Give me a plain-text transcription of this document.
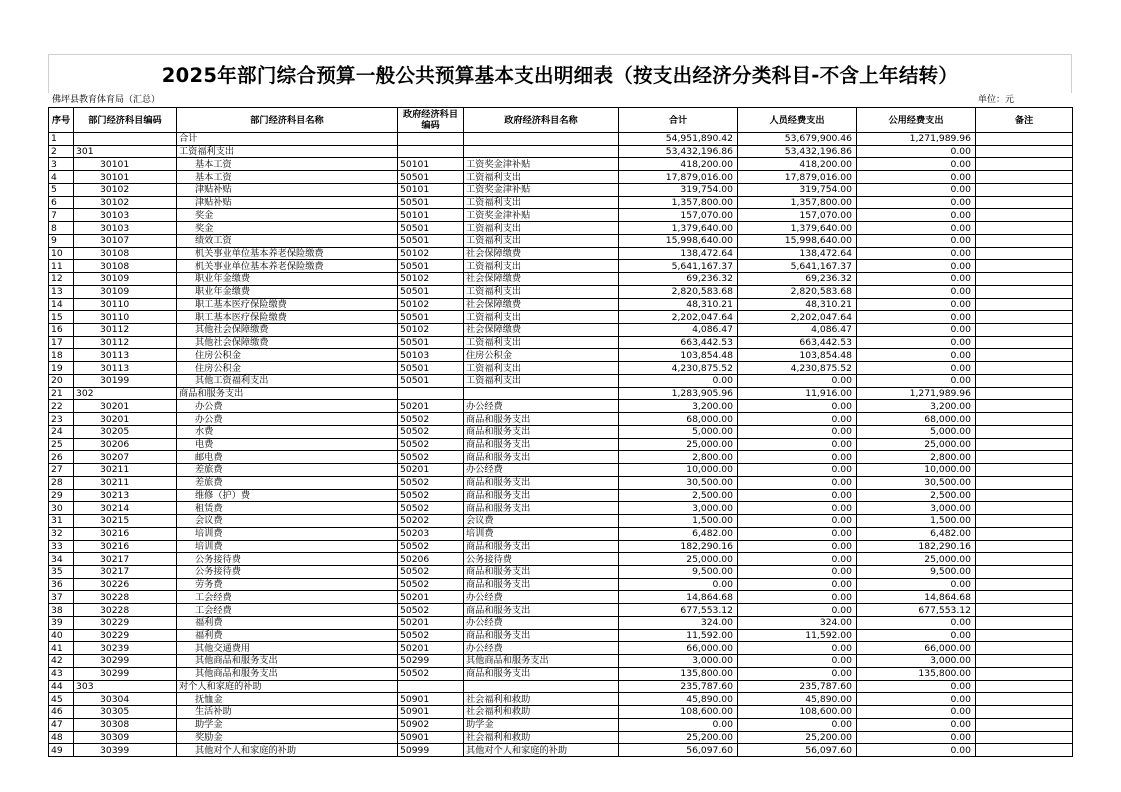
2025年部门综合预算一般公共预算基本支出明细表（按支出经济分类科目-不含上年结转）
佛坪县教育体育局（汇总）	单位：元
序号	部门经济科目编码	部门经济科目名称	政府经济科目编码	政府经济科目名称	合计	人员经费支出	公用经费支出	备注
1		合计			54,951,890.42	53,679,900.46	1,271,989.96	
2	301	工资福利支出			53,432,196.86	53,432,196.86	0.00	
3	30101	基本工资	50101	工资奖金津补贴	418,200.00	418,200.00	0.00	
4	30101	基本工资	50501	工资福利支出	17,879,016.00	17,879,016.00	0.00	
5	30102	津贴补贴	50101	工资奖金津补贴	319,754.00	319,754.00	0.00	
6	30102	津贴补贴	50501	工资福利支出	1,357,800.00	1,357,800.00	0.00	
7	30103	奖金	50101	工资奖金津补贴	157,070.00	157,070.00	0.00	
8	30103	奖金	50501	工资福利支出	1,379,640.00	1,379,640.00	0.00	
9	30107	绩效工资	50501	工资福利支出	15,998,640.00	15,998,640.00	0.00	
10	30108	机关事业单位基本养老保险缴费	50102	社会保障缴费	138,472.64	138,472.64	0.00	
11	30108	机关事业单位基本养老保险缴费	50501	工资福利支出	5,641,167.37	5,641,167.37	0.00	
12	30109	职业年金缴费	50102	社会保障缴费	69,236.32	69,236.32	0.00	
13	30109	职业年金缴费	50501	工资福利支出	2,820,583.68	2,820,583.68	0.00	
14	30110	职工基本医疗保险缴费	50102	社会保障缴费	48,310.21	48,310.21	0.00	
15	30110	职工基本医疗保险缴费	50501	工资福利支出	2,202,047.64	2,202,047.64	0.00	
16	30112	其他社会保障缴费	50102	社会保障缴费	4,086.47	4,086.47	0.00	
17	30112	其他社会保障缴费	50501	工资福利支出	663,442.53	663,442.53	0.00	
18	30113	住房公积金	50103	住房公积金	103,854.48	103,854.48	0.00	
19	30113	住房公积金	50501	工资福利支出	4,230,875.52	4,230,875.52	0.00	
20	30199	其他工资福利支出	50501	工资福利支出	0.00	0.00	0.00	
21	302	商品和服务支出			1,283,905.96	11,916.00	1,271,989.96	
22	30201	办公费	50201	办公经费	3,200.00	0.00	3,200.00	
23	30201	办公费	50502	商品和服务支出	68,000.00	0.00	68,000.00	
24	30205	水费	50502	商品和服务支出	5,000.00	0.00	5,000.00	
25	30206	电费	50502	商品和服务支出	25,000.00	0.00	25,000.00	
26	30207	邮电费	50502	商品和服务支出	2,800.00	0.00	2,800.00	
27	30211	差旅费	50201	办公经费	10,000.00	0.00	10,000.00	
28	30211	差旅费	50502	商品和服务支出	30,500.00	0.00	30,500.00	
29	30213	维修（护）费	50502	商品和服务支出	2,500.00	0.00	2,500.00	
30	30214	租赁费	50502	商品和服务支出	3,000.00	0.00	3,000.00	
31	30215	会议费	50202	会议费	1,500.00	0.00	1,500.00	
32	30216	培训费	50203	培训费	6,482.00	0.00	6,482.00	
33	30216	培训费	50502	商品和服务支出	182,290.16	0.00	182,290.16	
34	30217	公务接待费	50206	公务接待费	25,000.00	0.00	25,000.00	
35	30217	公务接待费	50502	商品和服务支出	9,500.00	0.00	9,500.00	
36	30226	劳务费	50502	商品和服务支出	0.00	0.00	0.00	
37	30228	工会经费	50201	办公经费	14,864.68	0.00	14,864.68	
38	30228	工会经费	50502	商品和服务支出	677,553.12	0.00	677,553.12	
39	30229	福利费	50201	办公经费	324.00	324.00	0.00	
40	30229	福利费	50502	商品和服务支出	11,592.00	11,592.00	0.00	
41	30239	其他交通费用	50201	办公经费	66,000.00	0.00	66,000.00	
42	30299	其他商品和服务支出	50299	其他商品和服务支出	3,000.00	0.00	3,000.00	
43	30299	其他商品和服务支出	50502	商品和服务支出	135,800.00	0.00	135,800.00	
44	303	对个人和家庭的补助			235,787.60	235,787.60	0.00	
45	30304	抚恤金	50901	社会福利和救助	45,890.00	45,890.00	0.00	
46	30305	生活补助	50901	社会福利和救助	108,600.00	108,600.00	0.00	
47	30308	助学金	50902	助学金	0.00	0.00	0.00	
48	30309	奖励金	50901	社会福利和救助	25,200.00	25,200.00	0.00	
49	30399	其他对个人和家庭的补助	50999	其他对个人和家庭的补助	56,097.60	56,097.60	0.00	
